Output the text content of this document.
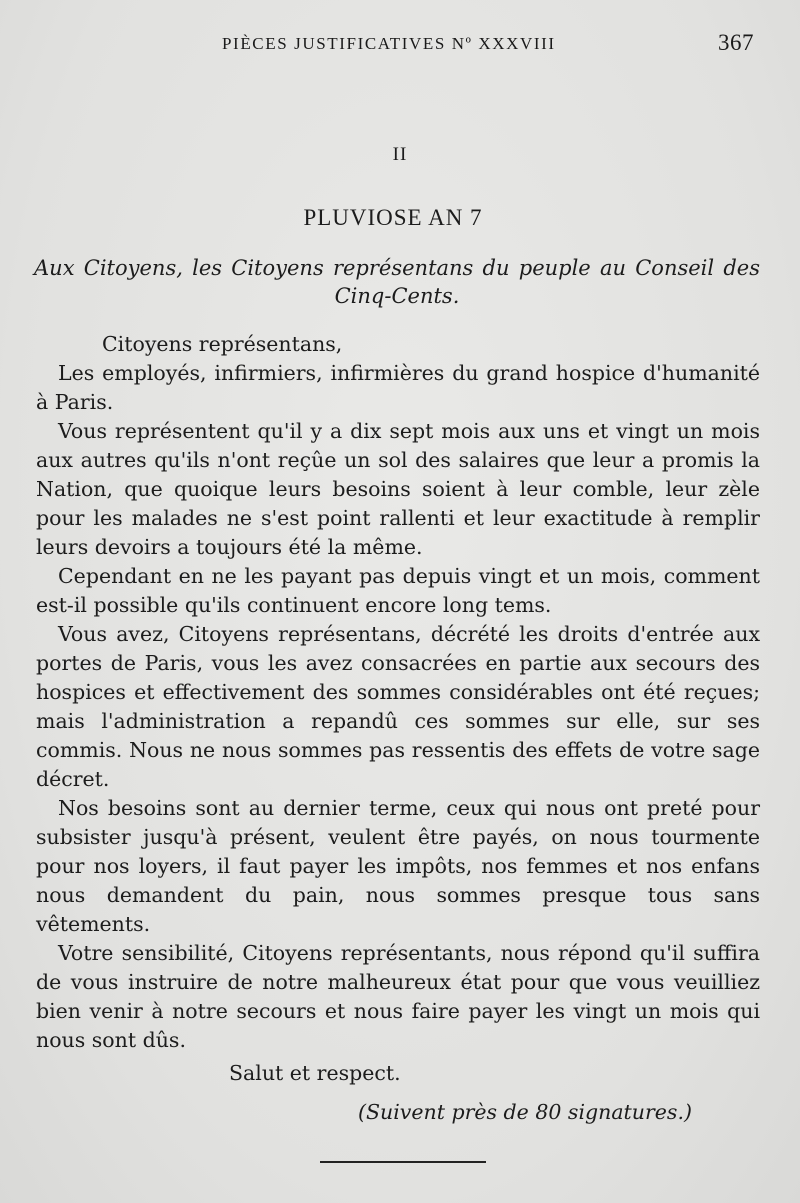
PIÈCES JUSTIFICATIVES Nº XXXVIII	367
II
PLUVIOSE AN 7
Aux Citoyens, les Citoyens représentans du peuple au Conseil des Cinq-Cents.

Citoyens représentans,

Les employés, infirmiers, infirmières du grand hospice d'humanité à Paris.

Vous représentent qu'il y a dix sept mois aux uns et vingt un mois aux autres qu'ils n'ont reçûe un sol des salaires que leur a promis la Nation, que quoique leurs besoins soient à leur comble, leur zèle pour les malades ne s'est point rallenti et leur exactitude à remplir leurs devoirs a toujours été la même.

Cependant en ne les payant pas depuis vingt et un mois, comment est-il possible qu'ils continuent encore long tems.

Vous avez, Citoyens représentans, décrété les droits d'entrée aux portes de Paris, vous les avez consacrées en partie aux secours des hospices et effectivement des sommes considérables ont été reçues; mais l'administration a repandû ces sommes sur elle, sur ses commis. Nous ne nous sommes pas ressentis des effets de votre sage décret.

Nos besoins sont au dernier terme, ceux qui nous ont preté pour subsister jusqu'à présent, veulent être payés, on nous tourmente pour nos loyers, il faut payer les impôts, nos femmes et nos enfans nous demandent du pain, nous sommes presque tous sans vêtements.

Votre sensibilité, Citoyens représentants, nous répond qu'il suffira de vous instruire de notre malheureux état pour que vous veuilliez bien venir à notre secours et nous faire payer les vingt un mois qui nous sont dûs.

Salut et respect.

(Suivent près de 80 signatures.)
